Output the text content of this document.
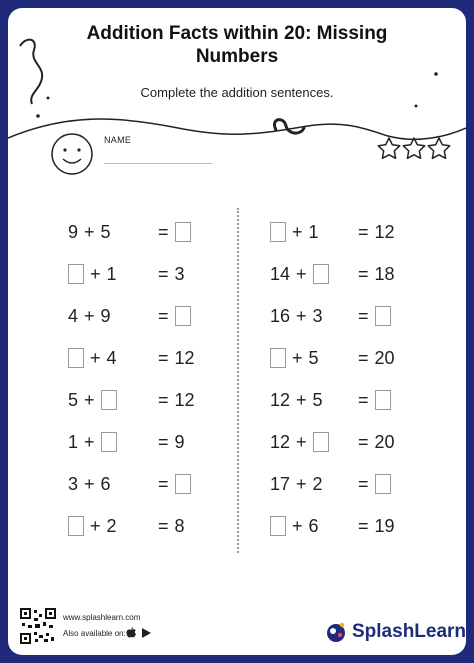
Addition Facts within 20: Missing
Numbers
Complete the addition sentences.
NAME
9 + 5	=
+ 1	= 3
4 + 9	=
+ 4	= 12
5 +	= 12
1 +	= 9
3 + 6	=
+ 2	= 8
+ 1	= 12
14 +	= 18
16 + 3	=
+ 5	= 20
12 + 5	=
12 +	= 20
17 + 2	=
+ 6	= 19
www.splashlearn.com
Also available on:	SplashLearn
